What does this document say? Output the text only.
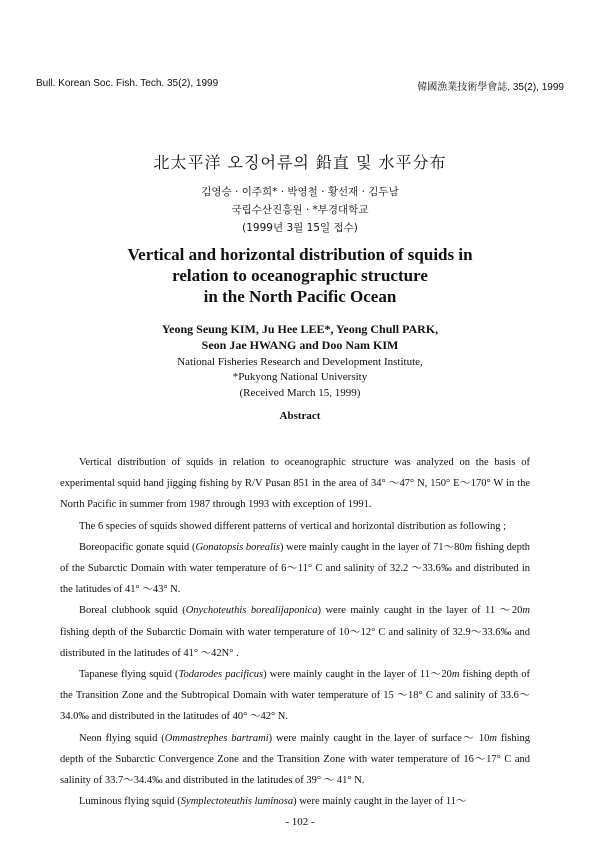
Bull. Korean Soc. Fish. Tech. 35(2), 1999	韓國漁業技術學會誌, 35(2), 1999
北太平洋 오징어류의 鉛直 및 水平分布
김영승 · 이주희* · 박영철 · 황선재 · 김두남
국립수산진흥원 · *부경대학교
(1999년 3월 15일 접수)
Vertical and horizontal distribution of squids in
relation to oceanographic structure
in the North Pacific Ocean
Yeong Seung KIM, Ju Hee LEE*, Yeong Chull PARK,
Seon Jae HWANG and Doo Nam KIM
National Fisheries Research and Development Institute,
*Pukyong National University
(Received March 15, 1999)
Abstract

Vertical distribution of squids in relation to oceanographic structure was analyzed on the basis of experimental squid hand jigging fishing by R/V Pusan 851 in the area of 34° ～47° N, 150° E～170° W in the North Pacific in summer from 1987 through 1993 with exception of 1991.

The 6 species of squids showed different patterns of vertical and horizontal distribution as following ;

Boreopacific gonate squid (Gonatopsis borealis) were mainly caught in the layer of 71～80m fishing depth of the Subarctic Domain with water temperature of 6～11° C and salinity of 32.2 ～33.6‰ and distributed in the latitudes of 41° ～43° N.

Boreal clubhook squid (Onychoteuthis borealijaponica) were mainly caught in the layer of 11 ～20m fishing depth of the Subarctic Domain with water temperature of 10～12° C and salinity of 32.9～33.6‰ and distributed in the latitudes of 41° ～42N° .

Tapanese flying squid (Todarodes pacificus) were mainly caught in the layer of 11～20m fishing depth of the Transition Zone and the Subtropical Domain with water temperature of 15 ～18° C and salinity of 33.6～34.0‰ and distributed in the latitudes of 40° ～42° N.

Neon flying squid (Ommastrephes bartrami) were mainly caught in the layer of surface～ 10m fishing depth of the Subarctic Convergence Zone and the Transition Zone with water temperature of 16～17° C and salinity of 33.7～34.4‰ and distributed in the latitudes of 39° ～ 41° N.

Luminous flying squid (Symplectoteuthis luminosa) were mainly caught in the layer of 11～

- 102 -
